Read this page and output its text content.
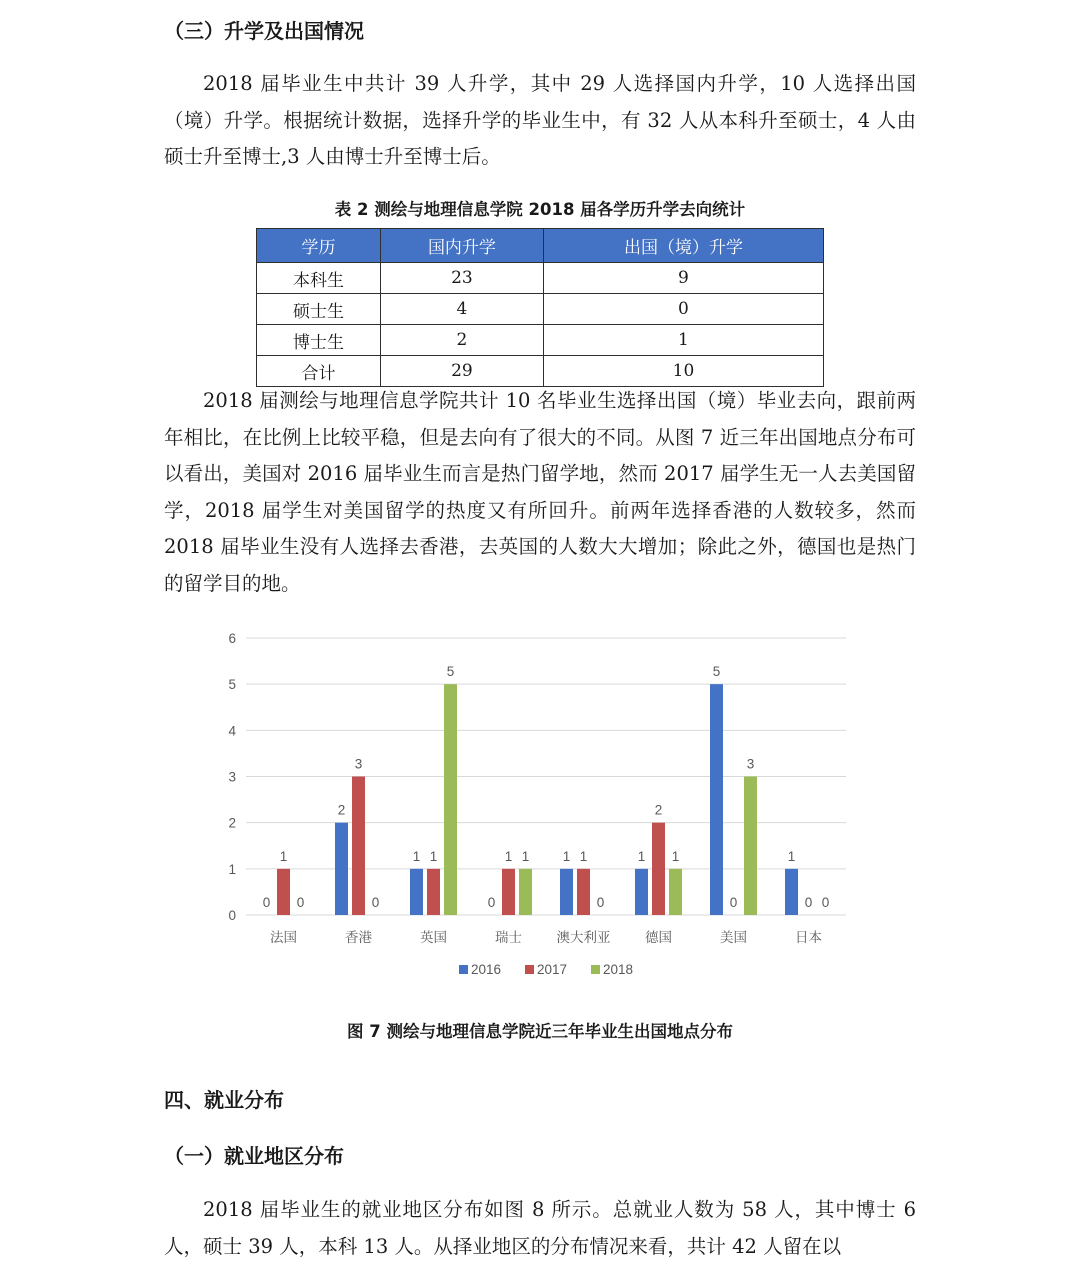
（三）升学及出国情况

2018 届毕业生中共计 39 人升学，其中 29 人选择国内升学，10 人选择出国（境）升学。根据统计数据，选择升学的毕业生中，有 32 人从本科升至硕士，4 人由硕士升至博士,3 人由博士升至博士后。

表 2 测绘与地理信息学院 2018 届各学历升学去向统计
学历	国内升学	出国（境）升学
本科生	23	9
硕士生	4	0
博士生	2	1
合计	29	10

2018 届测绘与地理信息学院共计 10 名毕业生选择出国（境）毕业去向，跟前两年相比，在比例上比较平稳，但是去向有了很大的不同。从图 7 近三年出国地点分布可以看出，美国对 2016 届毕业生而言是热门留学地，然而 2017 届学生无一人去美国留学，2018 届学生对美国留学的热度又有所回升。前两年选择香港的人数较多，然而 2018 届毕业生没有人选择去香港，去英国的人数大大增加；除此之外，德国也是热门的留学目的地。

0
1
2
3
4
5
6
0
1
0
法国
2
3
0
香港
1 1
5
英国
0
1 1
瑞士
1 1
0
澳大利亚
1
2
1
德国
5
0
3
美国
1
0 0
日本
2016	2017	2018
图 7 测绘与地理信息学院近三年毕业生出国地点分布
四、就业分布
（一）就业地区分布

2018 届毕业生的就业地区分布如图 8 所示。总就业人数为 58 人，其中博士 6 人，硕士 39 人，本科 13 人。从择业地区的分布情况来看，共计 42 人留在以
